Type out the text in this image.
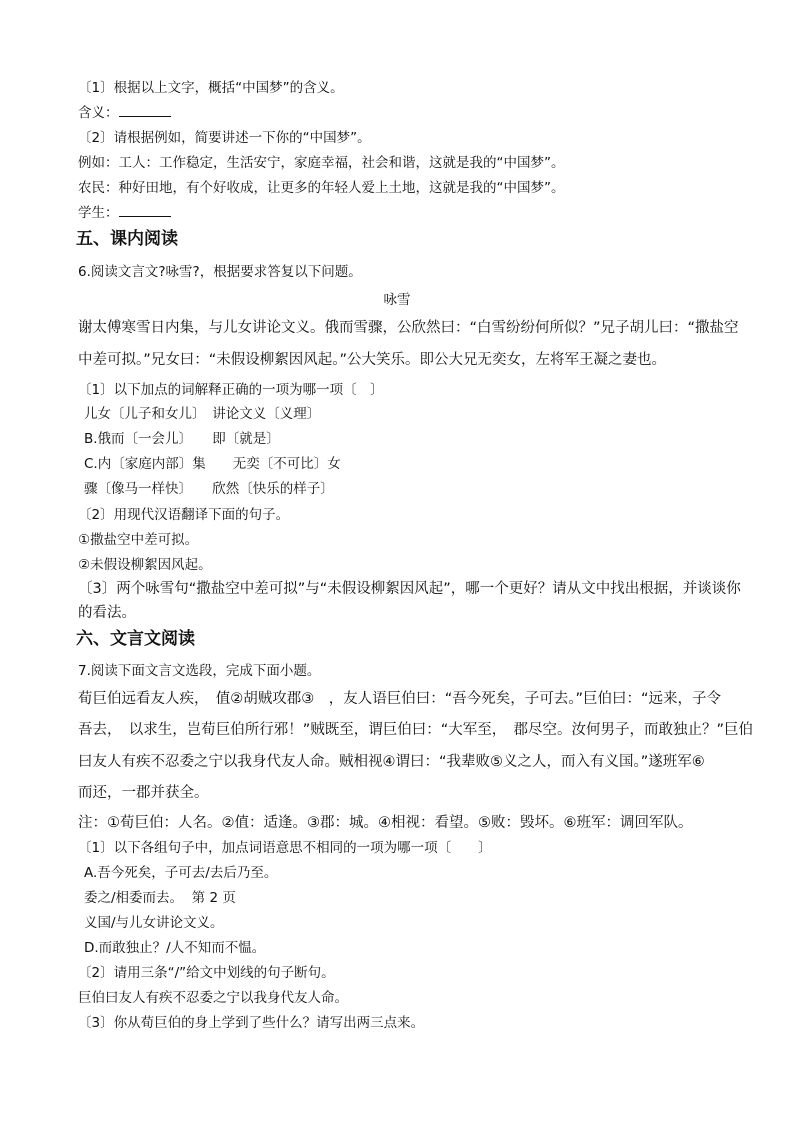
〔1〕根据以上文字，概括“中国梦”的含义。
含义：
〔2〕请根据例如，简要讲述一下你的“中国梦”。
例如：工人：工作稳定，生活安宁，家庭幸福，社会和谐，这就是我的“中国梦”。
农民：种好田地，有个好收成，让更多的年轻人爱上土地，这就是我的“中国梦”。
学生：
五、课内阅读
6.阅读文言文?咏雪?，根据要求答复以下问题。
咏雪
谢太傅寒雪日内集，与儿女讲论文义。俄而雪骤，公欣然曰：“白雪纷纷何所似？”兄子胡儿曰：“撒盐空
中差可拟。”兄女曰：“未假设柳絮因风起。”公大笑乐。即公大兄无奕女，左将军王凝之妻也。
〔1〕以下加点的词解释正确的一项为哪一项〔　〕
儿女〔儿子和女儿〕　讲论文义〔义理〕
B.俄而〔一会儿〕　　即〔就是〕
C.内〔家庭内部〕集　　无奕〔不可比〕女
骤〔像马一样快〕　　欣然〔快乐的样子〕
〔2〕用现代汉语翻译下面的句子。
①撒盐空中差可拟。
②未假设柳絮因风起。
〔3〕两个咏雪句“撒盐空中差可拟”与“未假设柳絮因风起”，哪一个更好？请从文中找出根据，并谈谈你
的看法。
六、文言文阅读
7.阅读下面文言文选段，完成下面小题。
荀巨伯远看友人疾，　值②胡贼攻郡③　，友人语巨伯曰：“吾今死矣，子可去。”巨伯曰：“远来，子令
吾去，　以求生，岂荀巨伯所行邪！”贼既至，谓巨伯曰：“大军至，　郡尽空。汝何男子，而敢独止？”巨伯
曰友人有疾不忍委之宁以我身代友人命。贼相视④谓曰：“我辈败⑤义之人，而入有义国。”遂班军⑥
而还，一郡并获全。
注：①荀巨伯：人名。②值：适逢。③郡：城。④相视：看望。⑤败：毁坏。⑥班军：调回军队。
〔1〕以下各组句子中，加点词语意思不相同的一项为哪一项〔　　〕
A.吾今死矣，子可去/去后乃至。
委之/相委而去。 第 2 页
义国/与儿女讲论文义。
D.而敢独止？/人不知而不愠。
〔2〕请用三条“/”给文中划线的句子断句。
巨伯曰友人有疾不忍委之宁以我身代友人命。
〔3〕你从荀巨伯的身上学到了些什么？请写出两三点来。
